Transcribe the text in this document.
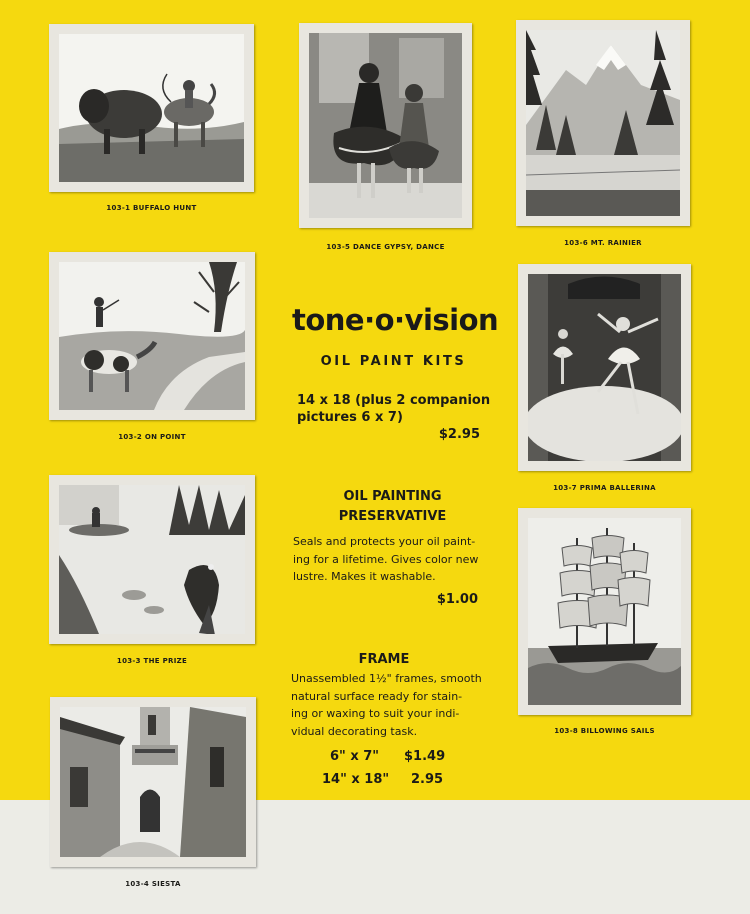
103-1 BUFFALO HUNT
103-5 DANCE GYPSY, DANCE	103-6 MT. RAINIER
103-2 ON POINT
103-7 PRIMA BALLERINA
103-3 THE PRIZE
103-8 BILLOWING SAILS
103-4 SIESTA
tone·o·vision
OIL PAINT KITS
14 x 18 (plus 2 companion pictures 6 x 7)
$2.95
OIL PAINTING
PRESERVATIVE
Seals and protects your oil paint-
ing for a lifetime. Gives color new
lustre. Makes it washable.
$1.00
FRAME
Unassembled 1½" frames, smooth
natural surface ready for stain-
ing or waxing to suit your indi-
vidual decorating task.
6" x 7"	$1.49
14" x 18"	2.95
